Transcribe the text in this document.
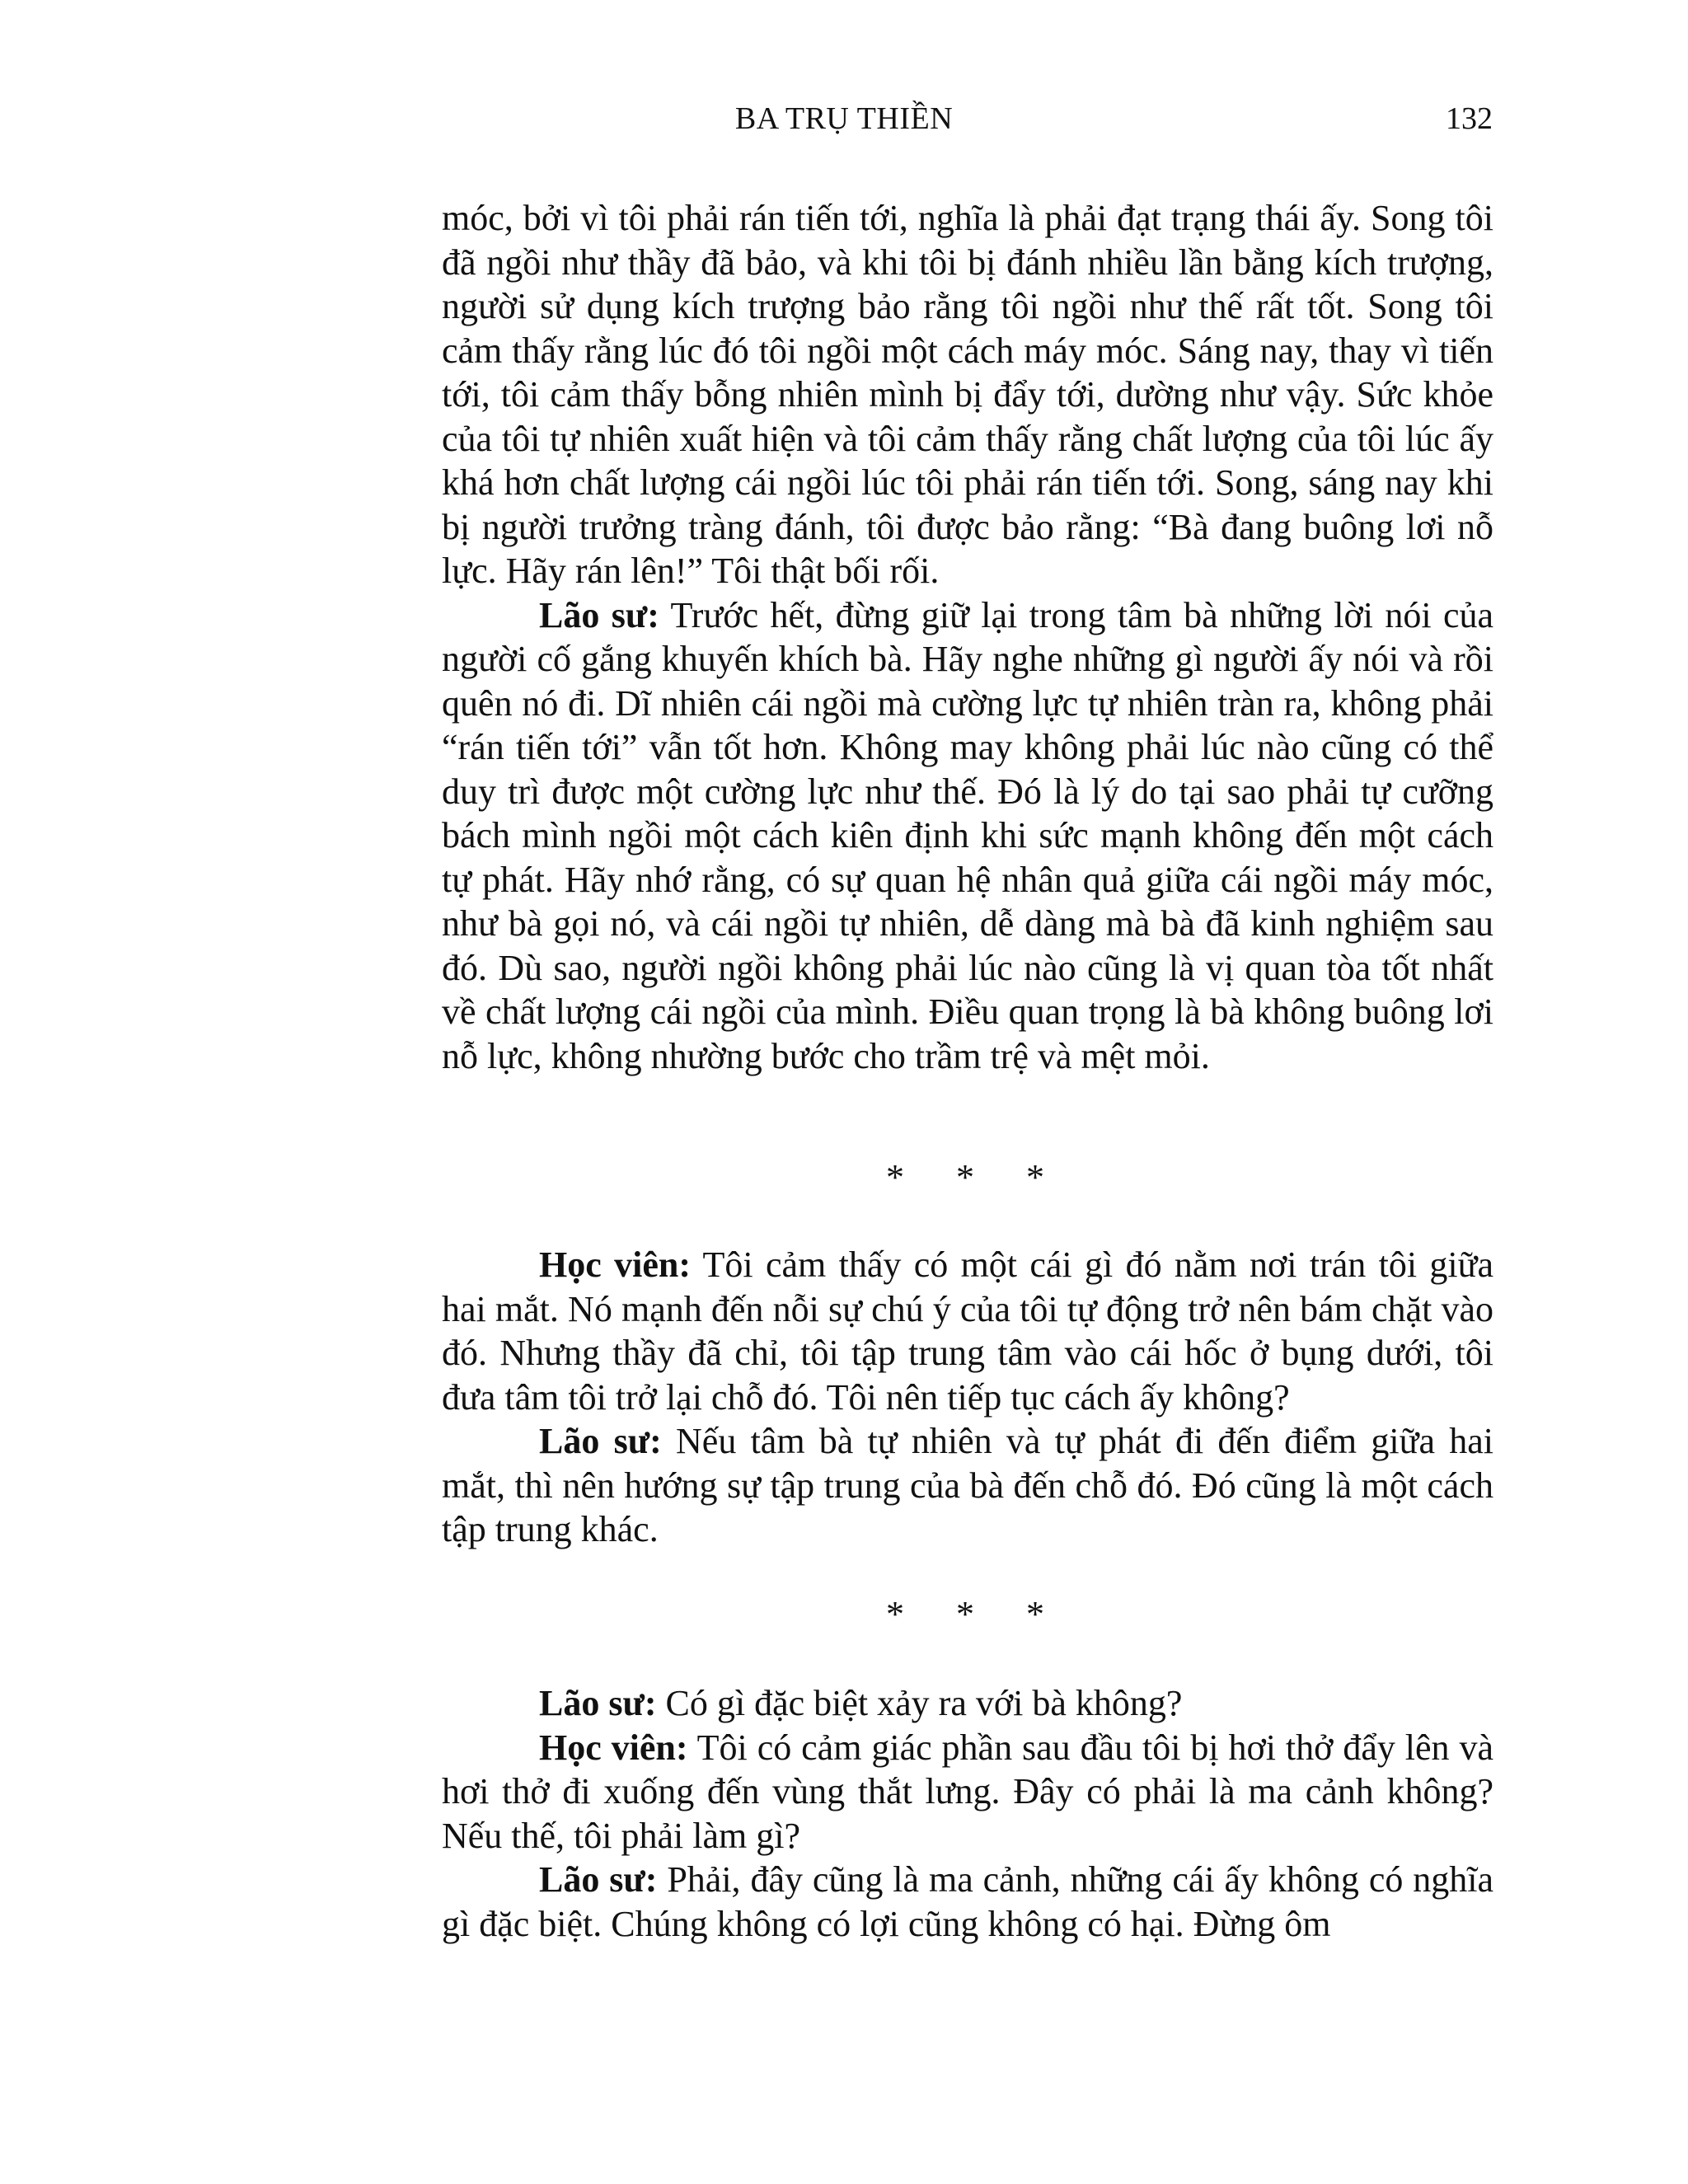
BA TRỤ THIỀN	132

móc, bởi vì tôi phải rán tiến tới, nghĩa là phải đạt trạng thái ấy. Song tôi đã ngồi như thầy đã bảo, và khi tôi bị đánh nhiều lần bằng kích trượng, người sử dụng kích trượng bảo rằng tôi ngồi như thế rất tốt. Song tôi cảm thấy rằng lúc đó tôi ngồi một cách máy móc. Sáng nay, thay vì tiến tới, tôi cảm thấy bỗng nhiên mình bị đẩy tới, dường như vậy. Sức khỏe của tôi tự nhiên xuất hiện và tôi cảm thấy rằng chất lượng của tôi lúc ấy khá hơn chất lượng cái ngồi lúc tôi phải rán tiến tới. Song, sáng nay khi bị người trưởng tràng đánh, tôi được bảo rằng: “Bà đang buông lơi nỗ lực. Hãy rán lên!” Tôi thật bối rối.

Lão sư: Trước hết, đừng giữ lại trong tâm bà những lời nói của người cố gắng khuyến khích bà. Hãy nghe những gì người ấy nói và rồi quên nó đi. Dĩ nhiên cái ngồi mà cường lực tự nhiên tràn ra, không phải “rán tiến tới” vẫn tốt hơn. Không may không phải lúc nào cũng có thể duy trì được một cường lực như thế. Đó là lý do tại sao phải tự cưỡng bách mình ngồi một cách kiên định khi sức mạnh không đến một cách tự phát. Hãy nhớ rằng, có sự quan hệ nhân quả giữa cái ngồi máy móc, như bà gọi nó, và cái ngồi tự nhiên, dễ dàng mà bà đã kinh nghiệm sau đó. Dù sao, người ngồi không phải lúc nào cũng là vị quan tòa tốt nhất về chất lượng cái ngồi của mình. Điều quan trọng là bà không buông lơi nỗ lực, không nhường bước cho trầm trệ và mệt mỏi.

* * *

Học viên: Tôi cảm thấy có một cái gì đó nằm nơi trán tôi giữa hai mắt. Nó mạnh đến nỗi sự chú ý của tôi tự động trở nên bám chặt vào đó. Nhưng thầy đã chỉ, tôi tập trung tâm vào cái hốc ở bụng dưới, tôi đưa tâm tôi trở lại chỗ đó. Tôi nên tiếp tục cách ấy không?

Lão sư: Nếu tâm bà tự nhiên và tự phát đi đến điểm giữa hai mắt, thì nên hướng sự tập trung của bà đến chỗ đó. Đó cũng là một cách tập trung khác.

* * *

Lão sư: Có gì đặc biệt xảy ra với bà không?

Học viên: Tôi có cảm giác phần sau đầu tôi bị hơi thở đẩy lên và hơi thở đi xuống đến vùng thắt lưng. Đây có phải là ma cảnh không? Nếu thế, tôi phải làm gì?

Lão sư: Phải, đây cũng là ma cảnh, những cái ấy không có nghĩa gì đặc biệt. Chúng không có lợi cũng không có hại. Đừng ôm
